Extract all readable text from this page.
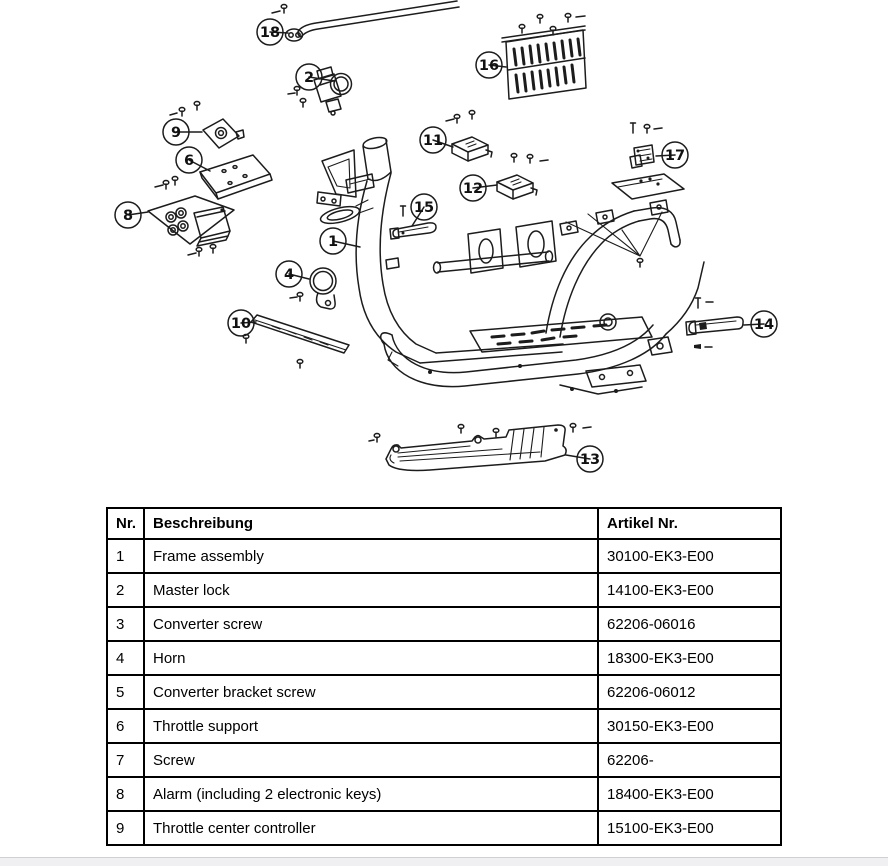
1
2
4
6
8
9
10
11
12
13
14
15
16
17
18
Nr.	Beschreibung	Artikel Nr.
1	Frame assembly	30100-EK3-E00
2	Master lock	14100-EK3-E00
3	Converter screw	62206-06016
4	Horn	18300-EK3-E00
5	Converter bracket screw	62206-06012
6	Throttle support	30150-EK3-E00
7	Screw	62206-
8	Alarm (including 2 electronic keys)	18400-EK3-E00
9	Throttle center controller	15100-EK3-E00
